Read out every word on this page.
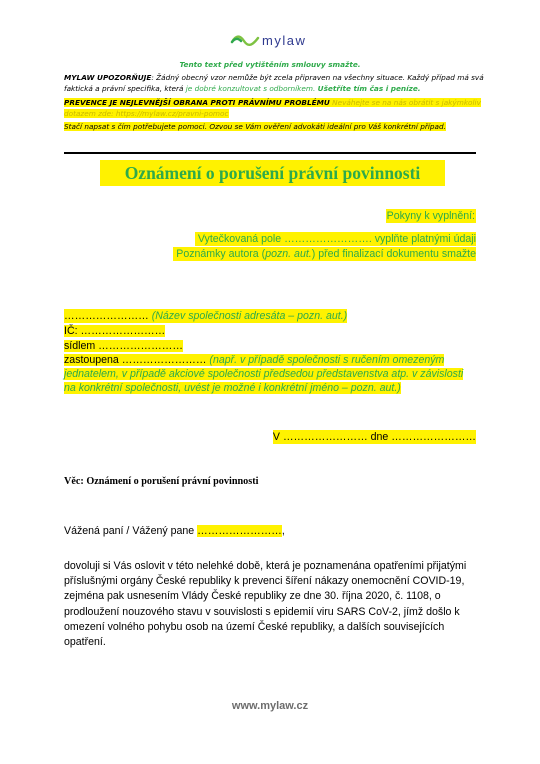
mylaw
Tento text před vytištěním smlouvy smažte.
MYLAW UPOZORŇUJE: Žádný obecný vzor nemůže být zcela připraven na všechny situace. Každý případ má svá faktická a právní specifika, která je dobré konzultovat s odborníkem. Ušetříte tím čas i peníze.
PREVENCE JE NEJLEVNĚJŠÍ OBRANA PROTI PRÁVNÍMU PROBLÉMU Neváhejte se na nás obrátit s jakýmkoliv dotazem zde: https://mylaw.cz/pravni-pomoc
Stačí napsat s čím potřebujete pomoci. Ozvou se Vám ověření advokáti ideální pro Váš konkrétní případ.
Oznámení o porušení právní povinnosti
Pokyny k vyplnění:
Vytečkovaná pole ……………………. vyplňte platnými údaji
Poznámky autora (pozn. aut.) před finalizací dokumentu smažte
…………………… (Název společnosti adresáta – pozn. aut.)
IČ: ……………………
sídlem ……………………
zastoupena …………………… (např. v případě společnosti s ručením omezeným jednatelem, v případě akciové společnosti předsedou představenstva atp. v závislosti na konkrétní společnosti, uvést je možné i konkrétní jméno – pozn. aut.)
V …………………… dne ……………………
Věc: Oznámení o porušení právní povinnosti
Vážená paní / Vážený pane ……………………,
dovoluji si Vás oslovit v této nelehké době, která je poznamenána opatřeními přijatými příslušnými orgány České republiky k prevenci šíření nákazy onemocnění COVID-19, zejména pak usnesením Vlády České republiky ze dne 30. října 2020, č. 1108, o prodloužení nouzového stavu v souvislosti s epidemií viru SARS CoV-2, jímž došlo k omezení volného pohybu osob na území České republiky, a dalších souvisejících opatření.
www.mylaw.cz
